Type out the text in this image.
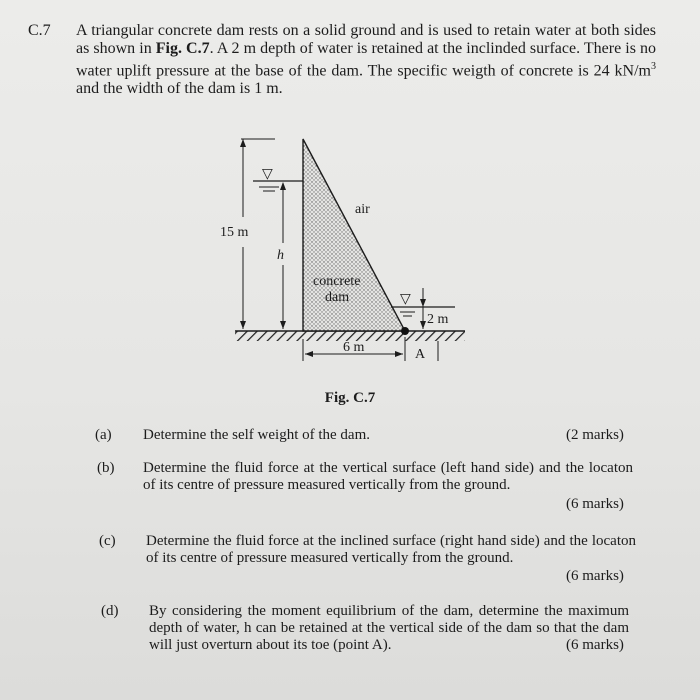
C.7 A triangular concrete dam rests on a solid ground and is used to retain water at both sides as shown in Fig. C.7. A 2 m depth of water is retained at the inclinded surface. There is no water uplift pressure at the base of the dam. The specific weigth of concrete is 24 $kN/m^3$ and the width of the dam is 1 m.
▽
15 m
h
air
concrete
dam	▽
2 m
A
6 m
Fig. C.7
(a) Determine the self weight of the dam.	(2 marks)
(b) Determine the fluid force at the vertical surface (left hand side) and the locaton of its centre of pressure measured vertically from the ground.
(6 marks)
(c) Determine the fluid force at the inclined surface (right hand side) and the locaton of its centre of pressure measured vertically from the ground.
(6 marks)
(d) By considering the moment equilibrium of the dam, determine the maximum depth of water, h can be retained at the vertical side of the dam so that the dam will just overturn about its toe (point A).	(6 marks)
